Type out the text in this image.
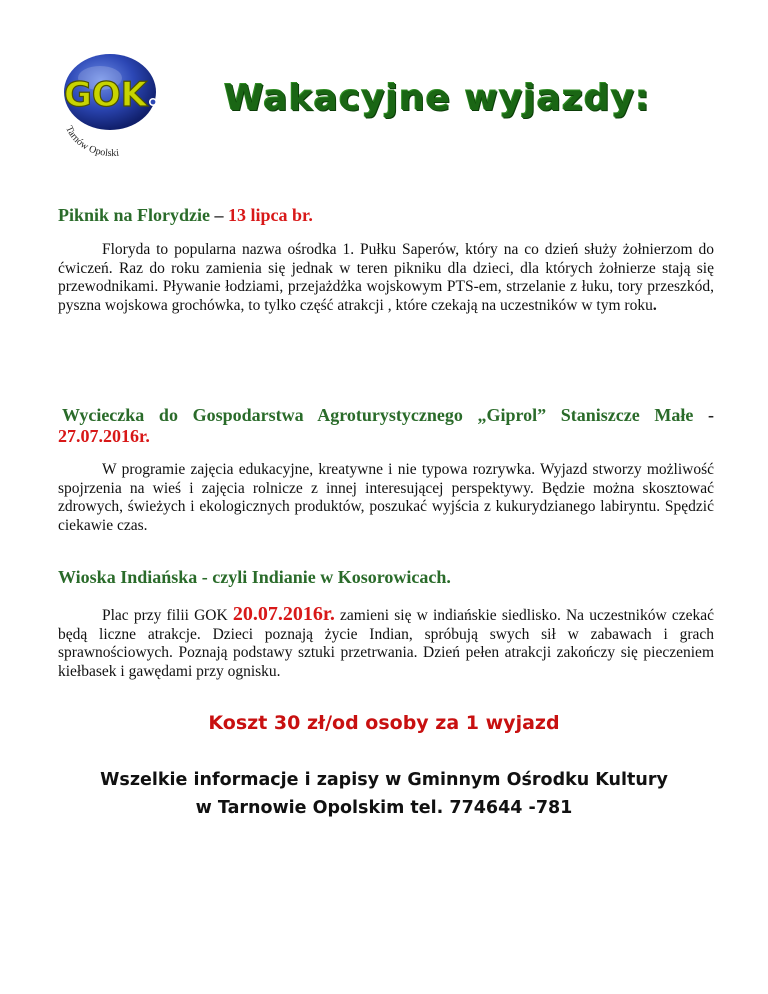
GOK
Tarnów Opolski
Wakacyjne wyjazdy:

Piknik na Florydzie – 13 lipca br.

Floryda to popularna nazwa ośrodka 1. Pułku Saperów, który na co dzień służy żołnierzom do ćwiczeń. Raz do roku zamienia się jednak w teren pikniku dla dzieci, dla których żołnierze stają się przewodnikami. Pływanie łodziami, przejażdżka wojskowym PTS-em, strzelanie z łuku, tory przeszkód, pyszna wojskowa grochówka, to tylko część atrakcji , które czekają na uczestników w tym roku.

Wycieczka do Gospodarstwa Agroturystycznego „Giprol” Staniszcze Małe - 27.07.2016r.

W programie zajęcia edukacyjne, kreatywne i nie typowa rozrywka. Wyjazd stworzy możliwość spojrzenia na wieś i zajęcia rolnicze z innej interesującej perspektywy. Będzie można skosztować zdrowych, świeżych i ekologicznych produktów, poszukać wyjścia z kukurydzianego labiryntu. Spędzić ciekawie czas.

Wioska Indiańska - czyli Indianie w Kosorowicach.

Plac przy filii GOK 20.07.2016r. zamieni się w indiańskie siedlisko. Na uczestników czekać będą liczne atrakcje. Dzieci poznają życie Indian, spróbują swych sił w zabawach i grach sprawnościowych. Poznają podstawy sztuki przetrwania. Dzień pełen atrakcji zakończy się pieczeniem kiełbasek i gawędami przy ognisku.

Koszt 30 zł/od osoby za 1 wyjazd
Wszelkie informacje i zapisy w Gminnym Ośrodku Kultury
w Tarnowie Opolskim tel. 774644 -781
